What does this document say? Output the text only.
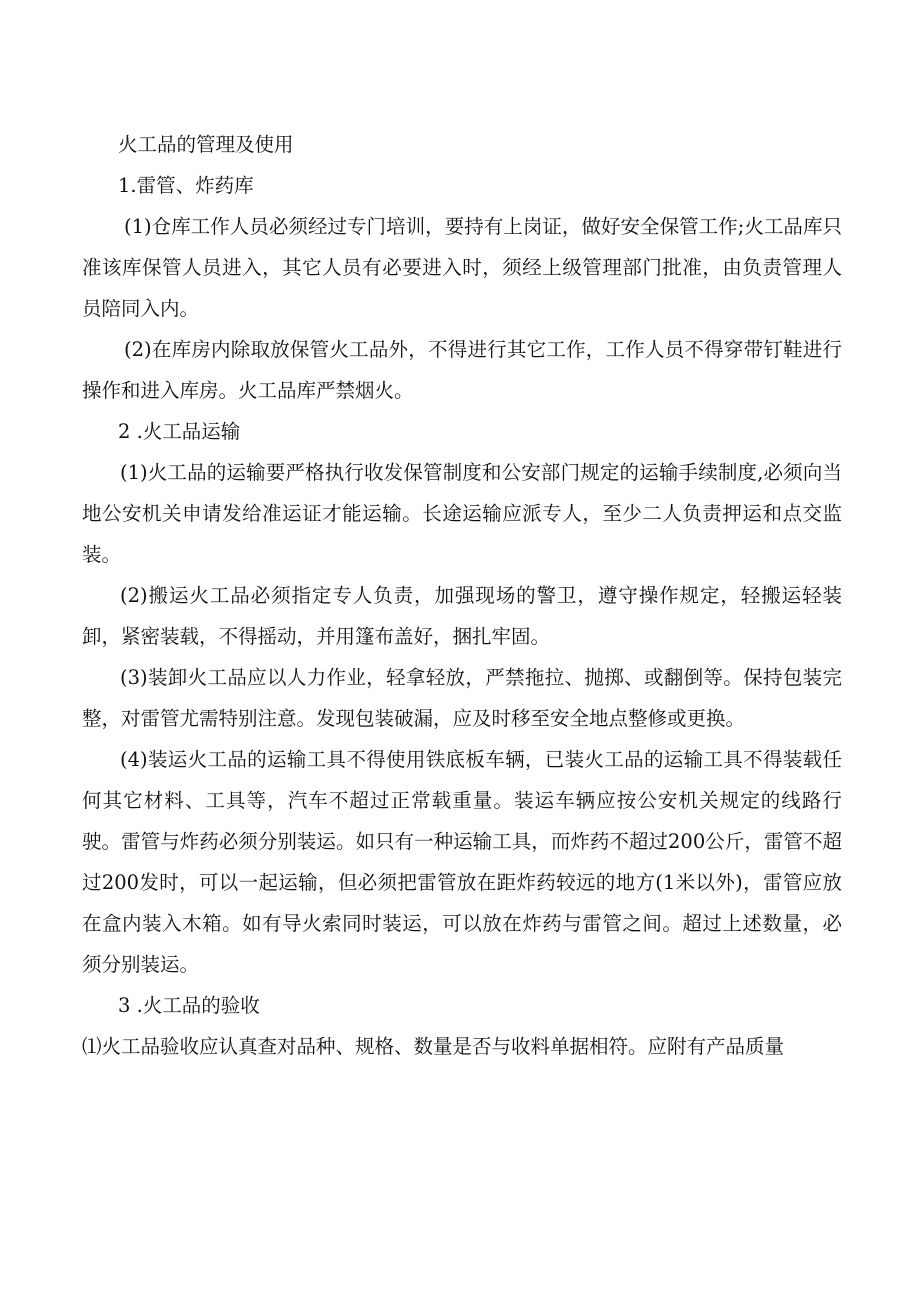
火工品的管理及使用

1.雷管、炸药库

(1)仓库工作人员必须经过专门培训，要持有上岗证，做好安全保管工作;火工品库只准该库保管人员进入，其它人员有必要进入时，须经上级管理部门批准，由负责管理人员陪同入内。

(2)在库房内除取放保管火工品外，不得进行其它工作，工作人员不得穿带钉鞋进行操作和进入库房。火工品库严禁烟火。

2 .火工品运输

(1)火工品的运输要严格执行收发保管制度和公安部门规定的运输手续制度,必须向当地公安机关申请发给准运证才能运输。长途运输应派专人，至少二人负责押运和点交监装。

(2)搬运火工品必须指定专人负责，加强现场的警卫，遵守操作规定，轻搬运轻装卸，紧密装载，不得摇动，并用篷布盖好，捆扎牢固。

(3)装卸火工品应以人力作业，轻拿轻放，严禁拖拉、抛掷、或翻倒等。保持包装完整，对雷管尤需特别注意。发现包装破漏，应及时移至安全地点整修或更换。

(4)装运火工品的运输工具不得使用铁底板车辆，已装火工品的运输工具不得装载任何其它材料、工具等，汽车不超过正常载重量。装运车辆应按公安机关规定的线路行驶。雷管与炸药必须分别装运。如只有一种运输工具，而炸药不超过200公斤，雷管不超过200发时，可以一起运输，但必须把雷管放在距炸药较远的地方(1米以外)，雷管应放在盒内装入木箱。如有导火索同时装运，可以放在炸药与雷管之间。超过上述数量，必须分别装运。

3 .火工品的验收

⑴火工品验收应认真查对品种、规格、数量是否与收料单据相符。应附有产品质量
